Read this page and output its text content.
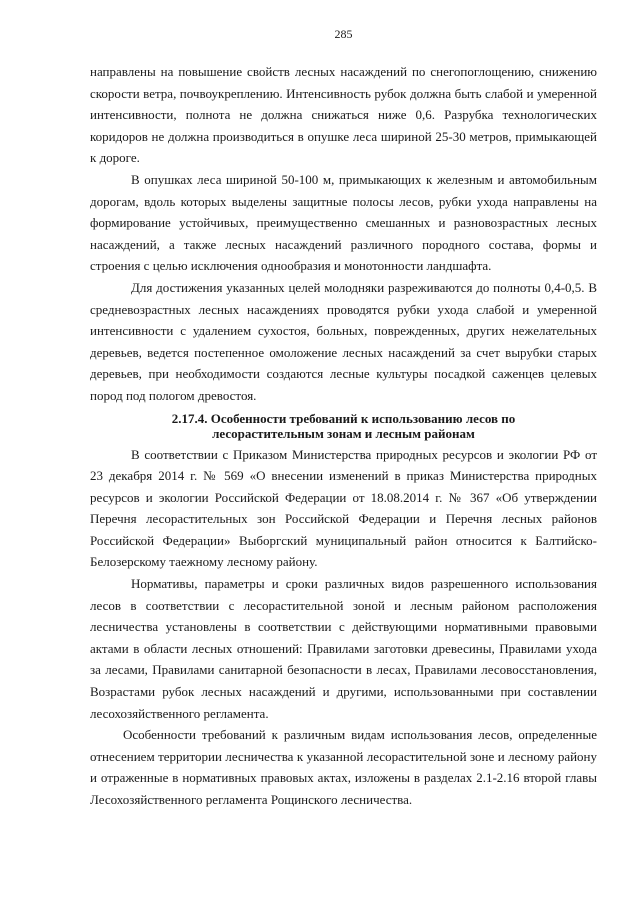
285

направлены на повышение свойств лесных насаждений по снегопоглощению, снижению скорости ветра, почвоукреплению. Интенсивность рубок должна быть слабой и умеренной интенсивности, полнота не должна снижаться ниже 0,6. Разрубка технологических коридоров не должна производиться в опушке леса шириной 25-30 метров, примыкающей к дороге.

В опушках леса шириной 50-100 м, примыкающих к железным и автомобильным дорогам, вдоль которых выделены защитные полосы лесов, рубки ухода направлены на формирование устойчивых, преимущественно смешанных и разновозрастных лесных насаждений, а также лесных насаждений различного породного состава, формы и строения с целью исключения однообразия и монотонности ландшафта.

Для достижения указанных целей молодняки разреживаются до полноты 0,4-0,5. В средневозрастных лесных насаждениях проводятся рубки ухода слабой и умеренной интенсивности с удалением сухостоя, больных, поврежденных, других нежелательных деревьев, ведется постепенное омоложение лесных насаждений за счет вырубки старых деревьев, при необходимости создаются лесные культуры посадкой саженцев целевых пород под пологом древостоя.

2.17.4. Особенности требований к использованию лесов по
лесорастительным зонам и лесным районам

В соответствии с Приказом Министерства природных ресурсов и экологии РФ от 23 декабря 2014 г. № 569 «О внесении изменений в приказ Министерства природных ресурсов и экологии Российской Федерации от 18.08.2014 г. № 367 «Об утверждении Перечня лесорастительных зон Российской Федерации и Перечня лесных районов Российской Федерации» Выборгский муниципальный район относится к Балтийско-Белозерскому таежному лесному району.

Нормативы, параметры и сроки различных видов разрешенного использования лесов в соответствии с лесорастительной зоной и лесным районом расположения лесничества установлены в соответствии с действующими нормативными правовыми актами в области лесных отношений: Правилами заготовки древесины, Правилами ухода за лесами, Правилами санитарной безопасности в лесах, Правилами лесовосстановления, Возрастами рубок лесных насаждений и другими, использованными при составлении лесохозяйственного регламента.

Особенности требований к различным видам использования лесов, определенные отнесением территории лесничества к указанной лесорастительной зоне и лесному району и отраженные в нормативных правовых актах, изложены в разделах 2.1-2.16 второй главы Лесохозяйственного регламента Рощинского лесничества.
